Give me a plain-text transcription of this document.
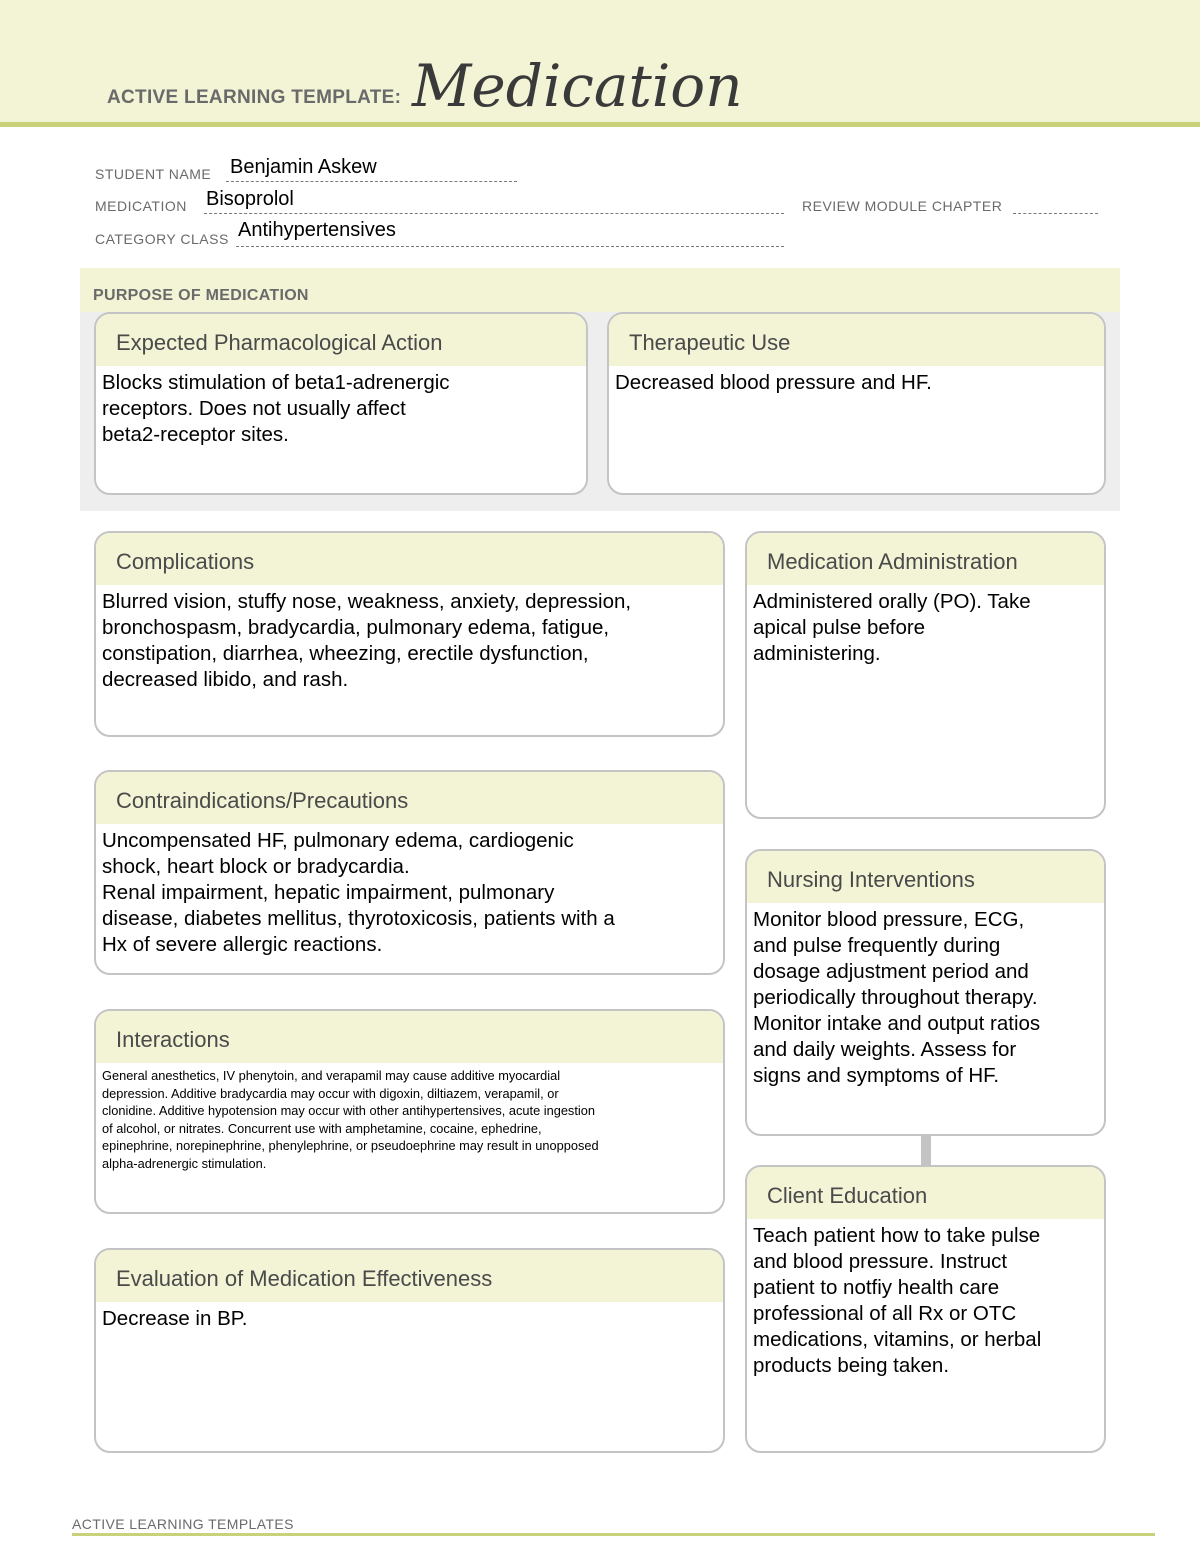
ACTIVE LEARNING TEMPLATE: Medication
STUDENT NAME Benjamin Askew
MEDICATION Bisoprolol	REVIEW MODULE CHAPTER
CATEGORY CLASS Antihypertensives
PURPOSE OF MEDICATION
Expected Pharmacological Action
Blocks stimulation of beta1-adrenergic
receptors. Does not usually affect
beta2-receptor sites.
Therapeutic Use
Decreased blood pressure and HF.
Complications
Blurred vision, stuffy nose, weakness, anxiety, depression,
bronchospasm, bradycardia, pulmonary edema, fatigue,
constipation, diarrhea, wheezing, erectile dysfunction,
decreased libido, and rash.
Medication Administration
Administered orally (PO). Take
apical pulse before
administering.
Contraindications/Precautions
Uncompensated HF, pulmonary edema, cardiogenic
shock, heart block or bradycardia.
Renal impairment, hepatic impairment, pulmonary
disease, diabetes mellitus, thyrotoxicosis, patients with a
Hx of severe allergic reactions.
Nursing Interventions
Monitor blood pressure, ECG,
and pulse frequently during
dosage adjustment period and
periodically throughout therapy.
Monitor intake and output ratios
and daily weights. Assess for
signs and symptoms of HF.
Interactions
General anesthetics, IV phenytoin, and verapamil may cause additive myocardial
depression. Additive bradycardia may occur with digoxin, diltiazem, verapamil, or
clonidine. Additive hypotension may occur with other antihypertensives, acute ingestion
of alcohol, or nitrates. Concurrent use with amphetamine, cocaine, ephedrine,
epinephrine, norepinephrine, phenylephrine, or pseudoephrine may result in unopposed
alpha-adrenergic stimulation.
Client Education
Teach patient how to take pulse
and blood pressure. Instruct
patient to notfiy health care
professional of all Rx or OTC
medications, vitamins, or herbal
products being taken.
Evaluation of Medication Effectiveness
Decrease in BP.
ACTIVE LEARNING TEMPLATES
